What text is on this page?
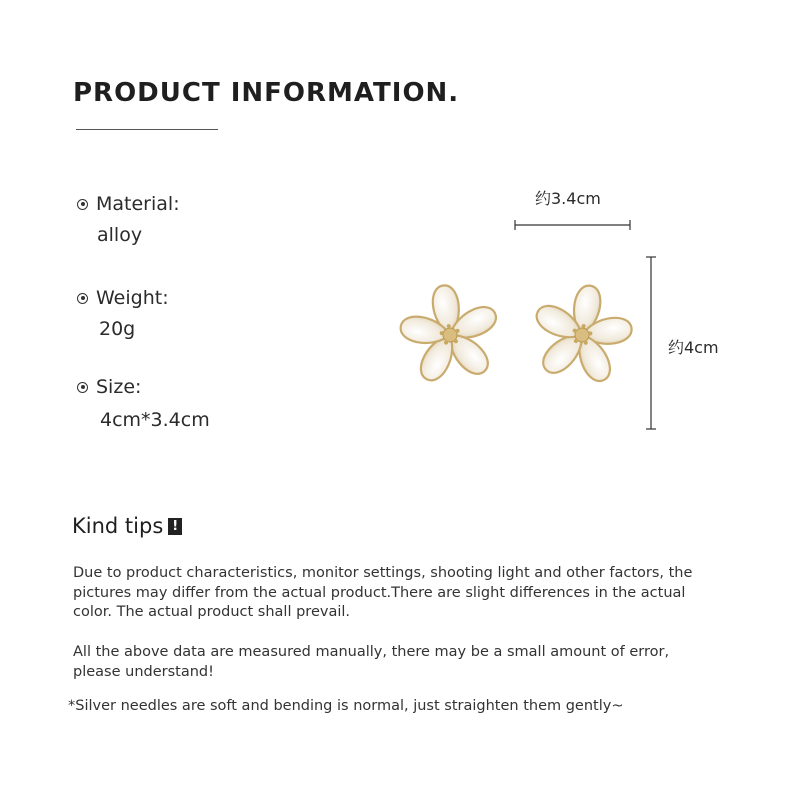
PRODUCT INFORMATION.
Material:
alloy
Weight:
20g
Size:
4cm*3.4cm
约3.4cm
约4cm
Kind tips !
Due to product characteristics, monitor settings, shooting light and other factors, the pictures may differ from the actual product.There are slight differences in the actual color. The actual product shall prevail.
All the above data are measured manually, there may be a small amount of error, please understand!
*Silver needles are soft and bending is normal, just straighten them gently~
